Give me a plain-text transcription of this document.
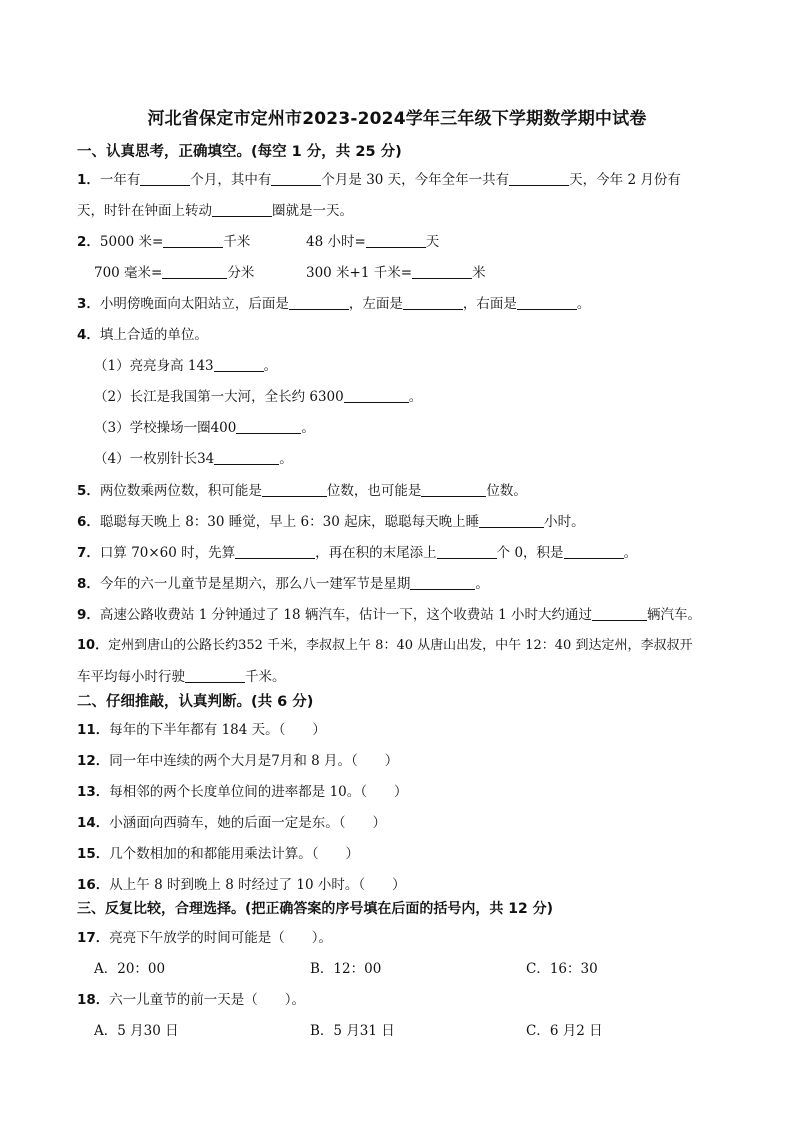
河北省保定市定州市2023-2024学年三年级下学期数学期中试卷
一、认真思考，正确填空。(每空 1 分，共 25 分)
1．一年有	个月，其中有	个月是 30 天，今年全年一共有	天，今年 2 月份有
天，时针在钟面上转动	圈就是一天。
2．5000 米=	千米	48 小时=	天
700 毫米=	分米	300 米+1 千米=	米
3．小明傍晚面向太阳站立，后面是	，左面是	，右面是	。
4．填上合适的单位。
（1）亮亮身高 143	。
（2）长江是我国第一大河，全长约 6300	。
（3）学校操场一圈400	。
（4）一枚别针长34	。
5．两位数乘两位数，积可能是	位数，也可能是	位数。
6．聪聪每天晚上 8：30 睡觉，早上 6：30 起床，聪聪每天晚上睡	小时。
7．口算 70×60 时，先算	，再在积的末尾添上	个 0，积是	。
8．今年的六一儿童节是星期六，那么八一建军节是星期	。
9．高速公路收费站 1 分钟通过了 18 辆汽车，估计一下，这个收费站 1 小时大约通过	辆汽车。
10．定州到唐山的公路长约352 千米，李叔叔上午 8：40 从唐山出发，中午 12：40 到达定州，李叔叔开
车平均每小时行驶	千米。
二、仔细推敲，认真判断。(共 6 分)
11．每年的下半年都有 184 天。（　　）
12．同一年中连续的两个大月是7月和 8 月。（　　）
13．每相邻的两个长度单位间的进率都是 10。（　　）
14．小涵面向西骑车，她的后面一定是东。（　　）
15．几个数相加的和都能用乘法计算。（　　）
16．从上午 8 时到晚上 8 时经过了 10 小时。（　　）
三、反复比较，合理选择。(把正确答案的序号填在后面的括号内，共 12 分)
17．亮亮下午放学的时间可能是（　　）。
A．20：00	B．12：00	C．16：30
18．六一儿童节的前一天是（　　）。
A．5 月30 日	B．5 月31 日	C．6 月2 日
